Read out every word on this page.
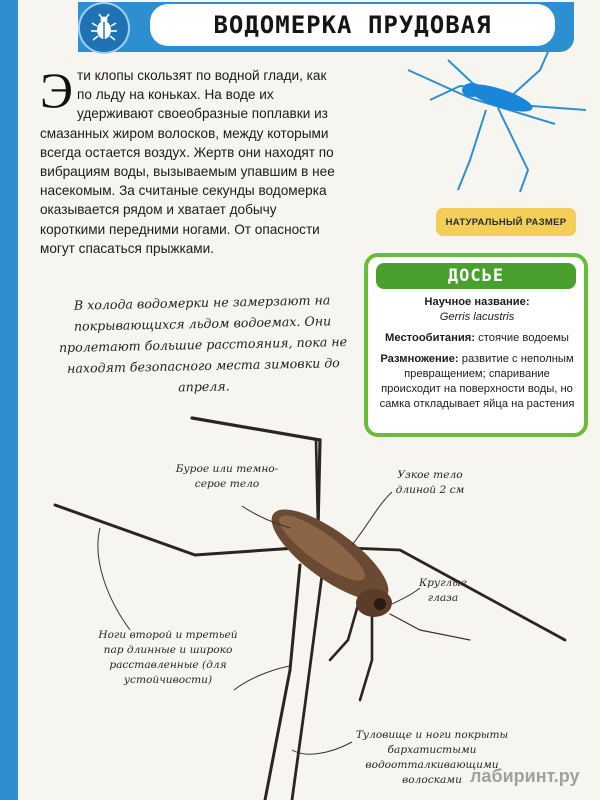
ВОДОМЕРКА ПРУДОВАЯ
Эти клопы скользят по водной глади, как по льду на коньках. На воде их удерживают своеобразные поплавки из смазанных жиром волосков, между которыми всегда остается воздух. Жертв они находят по вибрациям воды, вызываемым упавшим в нее насекомым. За считаные секунды водомерка оказывается рядом и хватает добычу короткими передними ногами. От опасности могут спасаться прыжками.
НАТУРАЛЬНЫЙ РАЗМЕР
В холода водомерки не замерзают на покрывающихся льдом водоемах. Они пролетают большие расстояния, пока не находят безопасного места зимовки до апреля.
ДОСЬЕ
Научное название:
Gerris lacustris
Местообитания: стоячие водоемы
Размножение: развитие с неполным превращением; спаривание происходит на поверхности воды, но самка откладывает яйца на растения
Бурое или темно-серое тело
Узкое тело длиной 2 см
Круглые глаза
Ноги второй и третьей пар длинные и широко расставленные (для устойчивости)
Туловище и ноги покрыты бархатистыми водоотталкивающими волосками лабиринт.ру
